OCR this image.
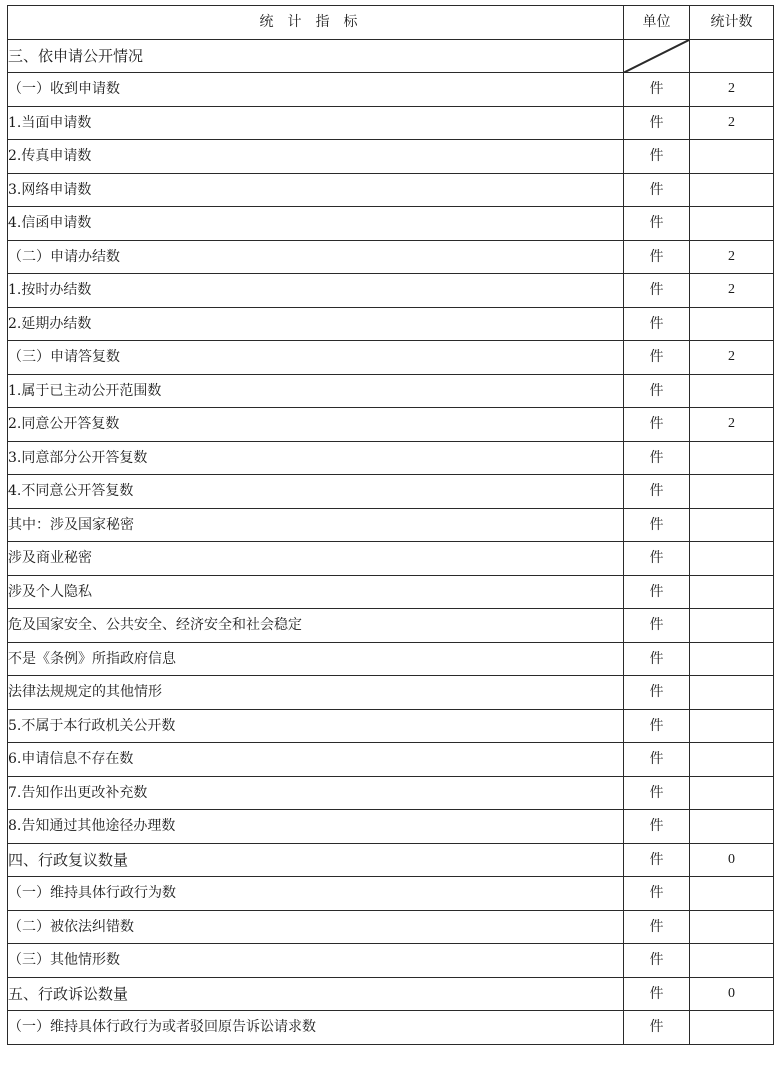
统计指标	单位	统计数
三、依申请公开情况	

（一）收到申请数	件	2
1.当面申请数	件	2
2.传真申请数	件	
3.网络申请数	件	
4.信函申请数	件	
（二）申请办结数	件	2
1.按时办结数	件	2
2.延期办结数	件	
（三）申请答复数	件	2
1.属于已主动公开范围数	件	
2.同意公开答复数	件	2
3.同意部分公开答复数	件	
4.不同意公开答复数	件	
其中：涉及国家秘密	件	
涉及商业秘密	件	
涉及个人隐私	件	
危及国家安全、公共安全、经济安全和社会稳定	件	
不是《条例》所指政府信息	件	
法律法规规定的其他情形	件	
5.不属于本行政机关公开数	件	
6.申请信息不存在数	件	
7.告知作出更改补充数	件	
8.告知通过其他途径办理数	件	
四、行政复议数量	件	0
（一）维持具体行政行为数	件	
（二）被依法纠错数	件	
（三）其他情形数	件	
五、行政诉讼数量	件	0
（一）维持具体行政行为或者驳回原告诉讼请求数	件	
